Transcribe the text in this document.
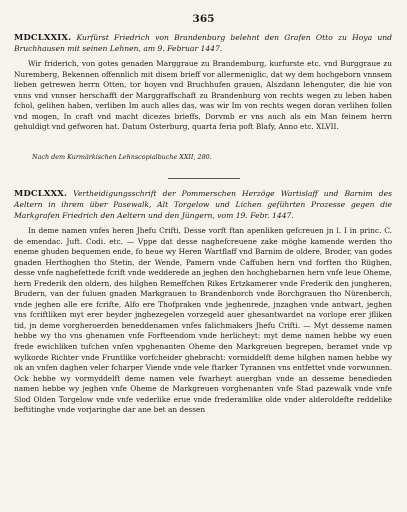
365
MDCLXXIX. Kurfürst Friedrich von Brandenburg belehnt den Grafen Otto zu Hoya und Bruchhausen mit seinen Lehnen, am 9. Februar 1447.

Wir friderich, von gotes genaden Marggraue zu Brandemburg, kurfurste etc. vnd Burggraue zu Nuremberg, Bekennen offennlich mit disem brieff vor allermeniglic, dat wy dem hochgeborn vnnsem lieben getrewen herrn Otten, tor hoyen vnd Bruchhufen grauen, Alszdann lehenguter, die hie von vnns vnd vnnser herschafft der Marggraffschaft zu Brandenburg von rechts wegen zu leben haben fchol, gelihen haben, verliben Im auch alles das, was wir Im von rechts wegen doran verlihen follen vnd mogen, In craft vnd macht dicezes brieffs, Dorvmb er vns auch als ein Man feinem herrn gehuldigt vnd gefworen hat. Datum Osterburg, quarta feria poft Blafy, Anno etc. XLVII.

Nach dem Kurmärkischen Lehnscopialbuche XXII, 280.
MDCLXXX. Vertheidigungsschrift der Pommerschen Herzöge Wartislaff und Barnim des Aeltern in ihrem über Pasewalk, Alt Torgelow und Lichen geführten Prozesse gegen die Markgrafen Friedrich den Aeltern und den Jüngern, vom 19. Febr. 1447.

In deme namen vnfes heren Jhefu Crifti, Desse vorft ftan apenliken gefcreuen jn l. I in princ. C. de emendac. Juft. Codi. etc. — Vppe dat desse naghefcreuene zake möghe kamende werden tho eneme ghuden bequemen ende, fo heue wy Heren Wartflaff vnd Barnim de oldere, Broder, van godes gnaden Herthoghen tho Stetin, der Wende, Pamern vnde Caffuben hern vnd forften tho Rüghen, desse vnfe naghefettede fcrift vnde wedderede an jeghen den hochghebarnen hern vnfe leue Oheme, hern Frederik den oldern, des hilghen Remeffchen Rikes Ertzkamerer vnde Frederik den jungheren, Brudern, van der fuluen gnaden Markgrauen to Brandenborch vnde Borchgrauen tho Nürenberch, vnde jeghen alle ere fcrifte, Alfo ere Thofpraken vnde jeghenrede, jnzaghen vnde antwart, jeghen vns fcriftliken myt erer beyder jnghezegelen vorzegeld auer ghesantwardet na vorlope erer jfliken tid, jn deme vorgheroerden beneddenamen vnfes falichmakers Jhefu Crifti. — Myt desseme namen hebbe wy tho vns ghenamen vnfe Forfteendom vnde herlicheyt: myt deme namen hebbe wy euen frede ewichliken tufchen vnfen vpghenanten Oheme den Markgreuen begrepen, beramet vnde vp wylkorde Richter vnde Fruntlike vorfcheider ghebracht: vormiddelft deme hilghen namen hebbe wy ok an vnfen daghen veler fcharper Viende vnde vele ftarker Tyrannen vns entfettet vnde vorwunnen. Ock hebbe wy vormyddelft deme namen vele fwarheyt auerghan vnde an desseme benedieden namen hebbe wy jeghen vnfe Oheme de Markgreuen vorghenanten vnfe Stad pazewalk vnde vnfe Slod Olden Torgelow vnde vnfe vederlike erue vnde frederamlike olde vnder alderoldefte reddelike beftitinghe vnde vorjaringhe dar ane bet an dessen
